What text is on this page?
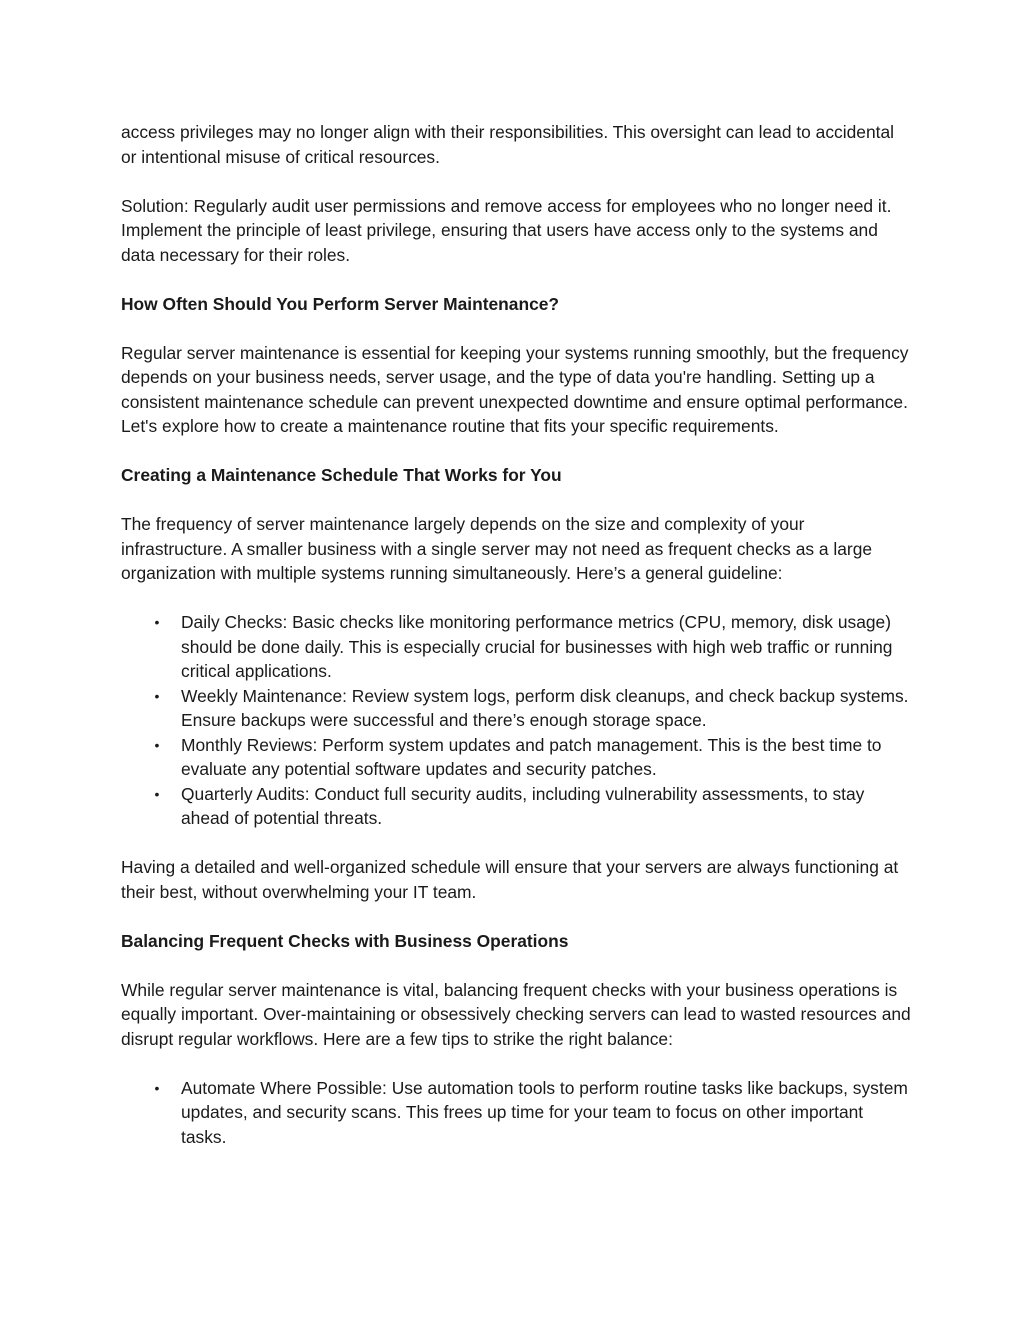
access privileges may no longer align with their responsibilities. This oversight can lead to accidental or intentional misuse of critical resources.

Solution: Regularly audit user permissions and remove access for employees who no longer need it. Implement the principle of least privilege, ensuring that users have access only to the systems and data necessary for their roles.

How Often Should You Perform Server Maintenance?

Regular server maintenance is essential for keeping your systems running smoothly, but the frequency depends on your business needs, server usage, and the type of data you're handling. Setting up a consistent maintenance schedule can prevent unexpected downtime and ensure optimal performance. Let's explore how to create a maintenance routine that fits your specific requirements.

Creating a Maintenance Schedule That Works for You

The frequency of server maintenance largely depends on the size and complexity of your infrastructure. A smaller business with a single server may not need as frequent checks as a large organization with multiple systems running simultaneously. Here’s a general guideline:

• Daily Checks: Basic checks like monitoring performance metrics (CPU, memory, disk usage) should be done daily. This is especially crucial for businesses with high web traffic or running critical applications.
• Weekly Maintenance: Review system logs, perform disk cleanups, and check backup systems. Ensure backups were successful and there’s enough storage space.
• Monthly Reviews: Perform system updates and patch management. This is the best time to evaluate any potential software updates and security patches.
• Quarterly Audits: Conduct full security audits, including vulnerability assessments, to stay ahead of potential threats.

Having a detailed and well-organized schedule will ensure that your servers are always functioning at their best, without overwhelming your IT team.

Balancing Frequent Checks with Business Operations

While regular server maintenance is vital, balancing frequent checks with your business operations is equally important. Over-maintaining or obsessively checking servers can lead to wasted resources and disrupt regular workflows. Here are a few tips to strike the right balance:

• Automate Where Possible: Use automation tools to perform routine tasks like backups, system updates, and security scans. This frees up time for your team to focus on other important tasks.
